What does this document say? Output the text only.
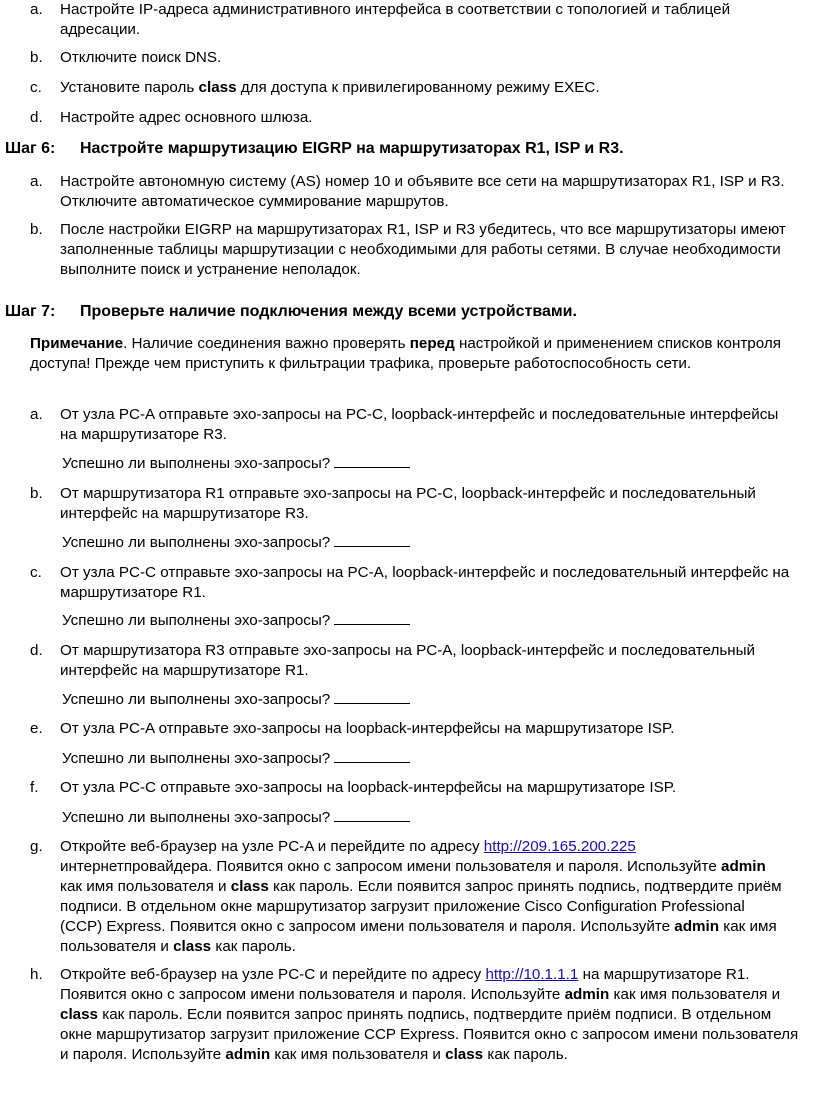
a. Настройте IP-адреса административного интерфейса в соответствии с топологией и таблицей адресации.
b. Отключите поиск DNS.
c. Установите пароль class для доступа к привилегированному режиму EXEC.
d. Настройте адрес основного шлюза.
Шаг 6: Настройте маршрутизацию EIGRP на маршрутизаторах R1, ISP и R3.
a. Настройте автономную систему (AS) номер 10 и объявите все сети на маршрутизаторах R1, ISP и R3. Отключите автоматическое суммирование маршрутов.
b. После настройки EIGRP на маршрутизаторах R1, ISP и R3 убедитесь, что все маршрутизаторы имеют заполненные таблицы маршрутизации с необходимыми для работы сетями. В случае необходимости выполните поиск и устранение неполадок.
Шаг 7: Проверьте наличие подключения между всеми устройствами.
Примечание. Наличие соединения важно проверять перед настройкой и применением списков контроля доступа! Прежде чем приступить к фильтрации трафика, проверьте работоспособность сети.
a. От узла PC-A отправьте эхо-запросы на PC-C, loopback-интерфейс и последовательные интерфейсы на маршрутизаторе R3.
Успешно ли выполнены эхо-запросы?
b. От маршрутизатора R1 отправьте эхо-запросы на PC-C, loopback-интерфейс и последовательный интерфейс на маршрутизаторе R3.
Успешно ли выполнены эхо-запросы?
c. От узла PC-C отправьте эхо-запросы на PC-A, loopback-интерфейс и последовательный интерфейс на маршрутизаторе R1.
Успешно ли выполнены эхо-запросы?
d. От маршрутизатора R3 отправьте эхо-запросы на PC-A, loopback-интерфейс и последовательный интерфейс на маршрутизаторе R1.
Успешно ли выполнены эхо-запросы?
e. От узла PC-A отправьте эхо-запросы на loopback-интерфейсы на маршрутизаторе ISP.
Успешно ли выполнены эхо-запросы?
f. От узла PC-C отправьте эхо-запросы на loopback-интерфейсы на маршрутизаторе ISP.
Успешно ли выполнены эхо-запросы?
g. Откройте веб-браузер на узле PC-A и перейдите по адресу http://209.165.200.225 интернетпровайдера. Появится окно с запросом имени пользователя и пароля. Используйте admin как имя пользователя и class как пароль. Если появится запрос принять подпись, подтвердите приём подписи. В отдельном окне маршрутизатор загрузит приложение Cisco Configuration Professional (CCP) Express. Появится окно с запросом имени пользователя и пароля. Используйте admin как имя пользователя и class как пароль.
h. Откройте веб-браузер на узле PC-C и перейдите по адресу http://10.1.1.1 на маршрутизаторе R1. Появится окно с запросом имени пользователя и пароля. Используйте admin как имя пользователя и class как пароль. Если появится запрос принять подпись, подтвердите приём подписи. В отдельном окне маршрутизатор загрузит приложение CCP Express. Появится окно с запросом имени пользователя и пароля. Используйте admin как имя пользователя и class как пароль.
